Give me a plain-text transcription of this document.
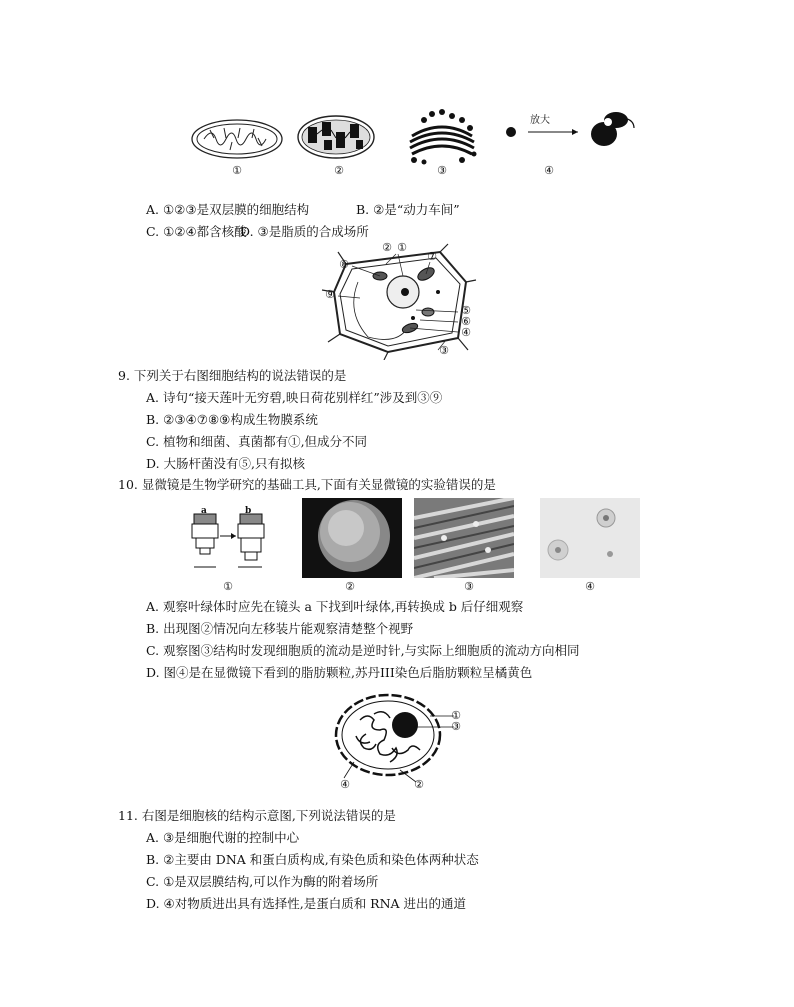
放大
①	②	③	④
A. ①②③是双层膜的细胞结构	B. ②是“动力车间”
C. ①②④都含核酸
D. ③是脂质的合成场所
② ①
⑦
⑧
⑨
⑤
⑥
④
③
9. 下列关于右图细胞结构的说法错误的是
A. 诗句“接天莲叶无穷碧,映日荷花别样红”涉及到③⑨
B. ②③④⑦⑧⑨构成生物膜系统
C. 植物和细菌、真菌都有①,但成分不同
D. 大肠杆菌没有⑤,只有拟核
10. 显微镜是生物学研究的基础工具,下面有关显微镜的实验错误的是
a	b
①	②	③	④
A. 观察叶绿体时应先在镜头 a 下找到叶绿体,再转换成 b 后仔细观察
B. 出现图②情况向左移装片能观察清楚整个视野
C. 观察图③结构时发现细胞质的流动是逆时针,与实际上细胞质的流动方向相同
D. 图④是在显微镜下看到的脂肪颗粒,苏丹III染色后脂肪颗粒呈橘黄色
①
③
②
④
11. 右图是细胞核的结构示意图,下列说法错误的是
A. ③是细胞代谢的控制中心
B. ②主要由 DNA 和蛋白质构成,有染色质和染色体两种状态
C. ①是双层膜结构,可以作为酶的附着场所
D. ④对物质进出具有选择性,是蛋白质和 RNA 进出的通道
